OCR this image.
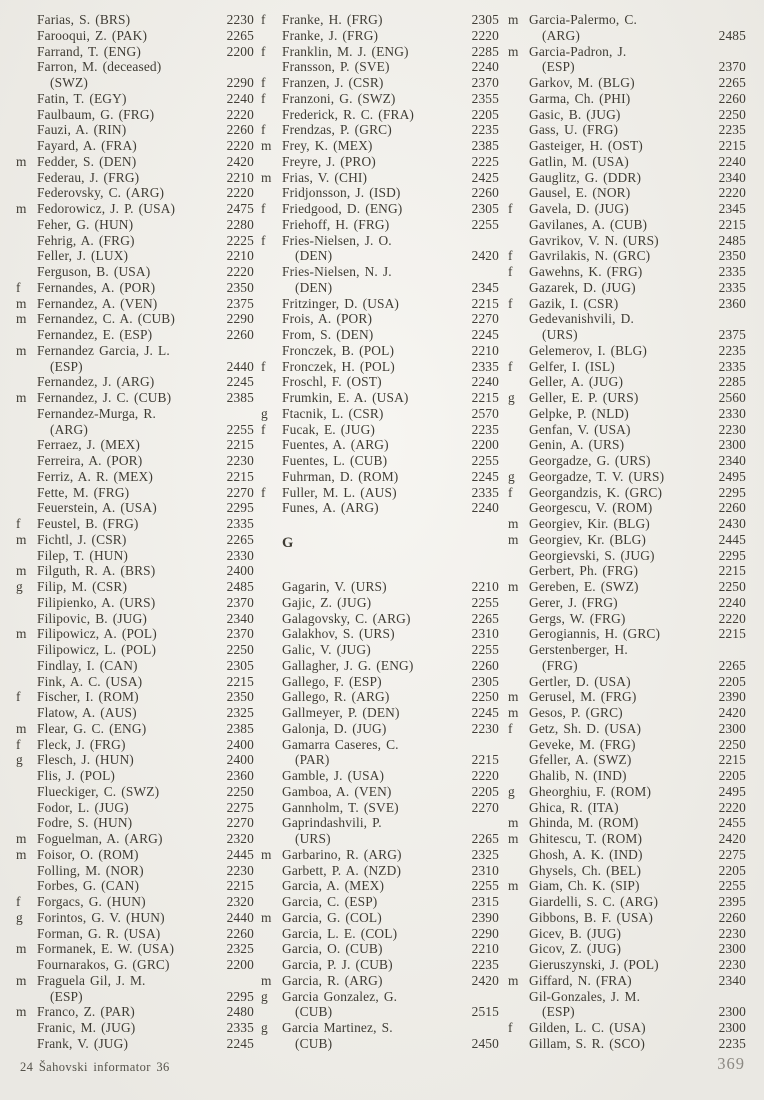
Farias, S. (BRS)	2230
Farooqui, Z. (PAK)	2265
Farrand, T. (ENG)	2200
Farron, M. (deceased)
(SWZ)	2290
Fatin, T. (EGY)	2240
Faulbaum, G. (FRG)	2220
Fauzi, A. (RIN)	2260
Fayard, A. (FRA)	2220
m Fedder, S. (DEN)	2420
Federau, J. (FRG)	2210
Federovsky, C. (ARG)	2220
m Fedorowicz, J. P. (USA)	2475
Feher, G. (HUN)	2280
Fehrig, A. (FRG)	2225
Feller, J. (LUX)	2210
Ferguson, B. (USA)	2220
f	Fernandes, A. (POR)	2350
m Fernandez, A. (VEN)	2375
m Fernandez, C. A. (CUB)	2290
Fernandez, E. (ESP)	2260
m Fernandez Garcia, J. L.
(ESP)	2440
Fernandez, J. (ARG)	2245
m Fernandez, J. C. (CUB)	2385
Fernandez-Murga, R.
(ARG)	2255
Ferraez, J. (MEX)	2215
Ferreira, A. (POR)	2230
Ferriz, A. R. (MEX)	2215
Fette, M. (FRG)	2270
Feuerstein, A. (USA)	2295
f	Feustel, B. (FRG)	2335
m Fichtl, J. (CSR)	2265
Filep, T. (HUN)	2330
m Filguth, R. A. (BRS)	2400
g	Filip, M. (CSR)	2485
Filipienko, A. (URS)	2370
Filipovic, B. (JUG)	2340
m Filipowicz, A. (POL)	2370
Filipowicz, L. (POL)	2250
Findlay, I. (CAN)	2305
Fink, A. C. (USA)	2215
f	Fischer, I. (ROM)	2350
Flatow, A. (AUS)	2325
m Flear, G. C. (ENG)	2385
f	Fleck, J. (FRG)	2400
g	Flesch, J. (HUN)	2400
Flis, J. (POL)	2360
Flueckiger, C. (SWZ)	2250
Fodor, L. (JUG)	2275
Fodre, S. (HUN)	2270
m Foguelman, A. (ARG)	2320
m Foisor, O. (ROM)	2445
Folling, M. (NOR)	2230
Forbes, G. (CAN)	2215
f	Forgacs, G. (HUN)	2320
g	Forintos, G. V. (HUN)	2440
Forman, G. R. (USA)	2260
m Formanek, E. W. (USA)	2325
Fournarakos, G. (GRC)	2200
m Fraguela Gil, J. M.
(ESP)	2295
m Franco, Z. (PAR)	2480
Franic, M. (JUG)	2335
Frank, V. (JUG)	2245
f	Franke, H. (FRG)	2305
Franke, J. (FRG)	2220
f	Franklin, M. J. (ENG)	2285
Fransson, P. (SVE)	2240
f	Franzen, J. (CSR)	2370
f	Franzoni, G. (SWZ)	2355
Frederick, R. C. (FRA)	2205
f	Frendzas, P. (GRC)	2235
m Frey, K. (MEX)	2385
Freyre, J. (PRO)	2225
m Frias, V. (CHI)	2425
Fridjonsson, J. (ISD)	2260
f	Friedgood, D. (ENG)	2305
Friehoff, H. (FRG)	2255
f	Fries-Nielsen, J. O.
(DEN)	2420
Fries-Nielsen, N. J.
(DEN)	2345
Fritzinger, D. (USA)	2215
Frois, A. (POR)	2270
From, S. (DEN)	2245
Fronczek, B. (POL)	2210
f	Fronczek, H. (POL)	2335
Froschl, F. (OST)	2240
Frumkin, E. A. (USA)	2215
g	Ftacnik, L. (CSR)	2570
f	Fucak, E. (JUG)	2235
Fuentes, A. (ARG)	2200
Fuentes, L. (CUB)	2255
Fuhrman, D. (ROM)	2245
f	Fuller, M. L. (AUS)	2335
Funes, A. (ARG)	2240
G
Gagarin, V. (URS)	2210
Gajic, Z. (JUG)	2255
Galagovsky, C. (ARG)	2265
Galakhov, S. (URS)	2310
Galic, V. (JUG)	2255
Gallagher, J. G. (ENG)	2260
Gallego, F. (ESP)	2305
Gallego, R. (ARG)	2250
Gallmeyer, P. (DEN)	2245
Galonja, D. (JUG)	2230
Gamarra Caseres, C.
(PAR)	2215
Gamble, J. (USA)	2220
Gamboa, A. (VEN)	2205
Gannholm, T. (SVE)	2270
Gaprindashvili, P.
(URS)	2265
m Garbarino, R. (ARG)	2325
Garbett, P. A. (NZD)	2310
Garcia, A. (MEX)	2255
Garcia, C. (ESP)	2315
m Garcia, G. (COL)	2390
Garcia, L. E. (COL)	2290
Garcia, O. (CUB)	2210
Garcia, P. J. (CUB)	2235
m Garcia, R. (ARG)	2420
g	Garcia Gonzalez, G.
(CUB)	2515
g	Garcia Martinez, S.
(CUB)	2450
m Garcia-Palermo, C.
(ARG)	2485
m Garcia-Padron, J.
(ESP)	2370
Garkov, M. (BLG)	2265
Garma, Ch. (PHI)	2260
Gasic, B. (JUG)	2250
Gass, U. (FRG)	2235
Gasteiger, H. (OST)	2215
Gatlin, M. (USA)	2240
Gauglitz, G. (DDR)	2340
Gausel, E. (NOR)	2220
f	Gavela, D. (JUG)	2345
Gavilanes, A. (CUB)	2215
Gavrikov, V. N. (URS)	2485
f	Gavrilakis, N. (GRC)	2350
f	Gawehns, K. (FRG)	2335
Gazarek, D. (JUG)	2335
f	Gazik, I. (CSR)	2360
Gedevanishvili, D.
(URS)	2375
Gelemerov, I. (BLG)	2235
f	Gelfer, I. (ISL)	2335
Geller, A. (JUG)	2285
g	Geller, E. P. (URS)	2560
Gelpke, P. (NLD)	2330
Genfan, V. (USA)	2230
Genin, A. (URS)	2300
Georgadze, G. (URS)	2340
g	Georgadze, T. V. (URS)	2495
f	Georgandzis, K. (GRC)	2295
Georgescu, V. (ROM)	2260
m Georgiev, Kir. (BLG)	2430
m Georgiev, Kr. (BLG)	2445
Georgievski, S. (JUG)	2295
Gerbert, Ph. (FRG)	2215
m Gereben, E. (SWZ)	2250
Gerer, J. (FRG)	2240
Gergs, W. (FRG)	2220
Gerogiannis, H. (GRC)	2215
Gerstenberger, H.
(FRG)	2265
Gertler, D. (USA)	2205
m Gerusel, M. (FRG)	2390
m Gesos, P. (GRC)	2420
f	Getz, Sh. D. (USA)	2300
Geveke, M. (FRG)	2250
Gfeller, A. (SWZ)	2215
Ghalib, N. (IND)	2205
g	Gheorghiu, F. (ROM)	2495
Ghica, R. (ITA)	2220
m Ghinda, M. (ROM)	2455
m Ghitescu, T. (ROM)	2420
Ghosh, A. K. (IND)	2275
Ghysels, Ch. (BEL)	2205
m Giam, Ch. K. (SIP)	2255
Giardelli, S. C. (ARG)	2395
Gibbons, B. F. (USA)	2260
Gicev, B. (JUG)	2230
Gicov, Z. (JUG)	2300
Gieruszynski, J. (POL)	2230
m Giffard, N. (FRA)	2340
Gil-Gonzales, J. M.
(ESP)	2300
f	Gilden, L. C. (USA)	2300
Gillam, S. R. (SCO)	2235
24 Šahovski informator 36	369
